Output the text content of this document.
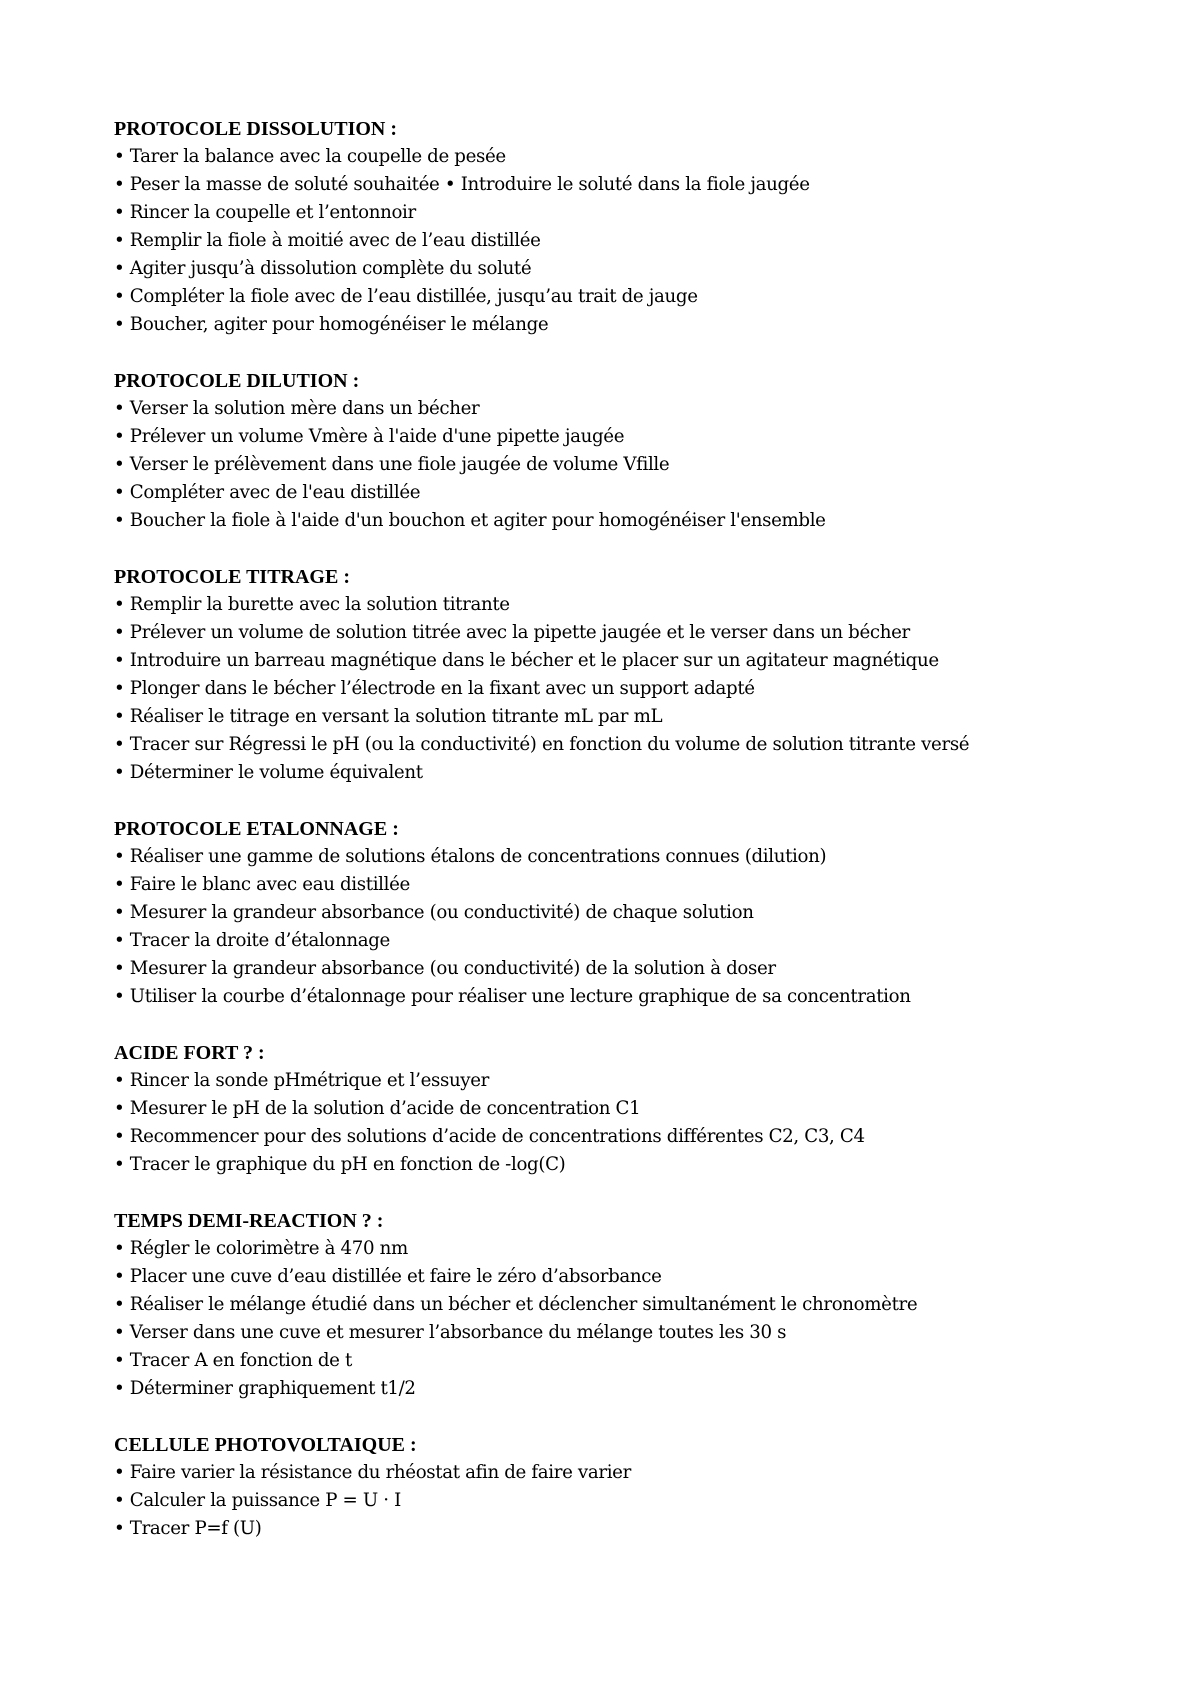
PROTOCOLE DISSOLUTION :

• Tarer la balance avec la coupelle de pesée

• Peser la masse de soluté souhaitée • Introduire le soluté dans la fiole jaugée

• Rincer la coupelle et l’entonnoir

• Remplir la fiole à moitié avec de l’eau distillée

• Agiter jusqu’à dissolution complète du soluté

• Compléter la fiole avec de l’eau distillée, jusqu’au trait de jauge

• Boucher, agiter pour homogénéiser le mélange

PROTOCOLE DILUTION :

• Verser la solution mère dans un bécher

• Prélever un volume Vmère à l'aide d'une pipette jaugée

• Verser le prélèvement dans une fiole jaugée de volume Vfille

• Compléter avec de l'eau distillée

• Boucher la fiole à l'aide d'un bouchon et agiter pour homogénéiser l'ensemble

PROTOCOLE TITRAGE :

• Remplir la burette avec la solution titrante

• Prélever un volume de solution titrée avec la pipette jaugée et le verser dans un bécher

• Introduire un barreau magnétique dans le bécher et le placer sur un agitateur magnétique

• Plonger dans le bécher l’électrode en la fixant avec un support adapté

• Réaliser le titrage en versant la solution titrante mL par mL

• Tracer sur Régressi le pH (ou la conductivité) en fonction du volume de solution titrante versé

• Déterminer le volume équivalent

PROTOCOLE ETALONNAGE :

• Réaliser une gamme de solutions étalons de concentrations connues (dilution)

• Faire le blanc avec eau distillée

• Mesurer la grandeur absorbance (ou conductivité) de chaque solution

• Tracer la droite d’étalonnage

• Mesurer la grandeur absorbance (ou conductivité) de la solution à doser

• Utiliser la courbe d’étalonnage pour réaliser une lecture graphique de sa concentration

ACIDE FORT ? :

• Rincer la sonde pHmétrique et l’essuyer

• Mesurer le pH de la solution d’acide de concentration C1

• Recommencer pour des solutions d’acide de concentrations différentes C2, C3, C4

• Tracer le graphique du pH en fonction de -log(C)

TEMPS DEMI-REACTION ? :

• Régler le colorimètre à 470 nm

• Placer une cuve d’eau distillée et faire le zéro d’absorbance

• Réaliser le mélange étudié dans un bécher et déclencher simultanément le chronomètre

• Verser dans une cuve et mesurer l’absorbance du mélange toutes les 30 s

• Tracer A en fonction de t

• Déterminer graphiquement t1/2

CELLULE PHOTOVOLTAIQUE :

• Faire varier la résistance du rhéostat afin de faire varier

• Calculer la puissance P = U · I

• Tracer P=f (U)
